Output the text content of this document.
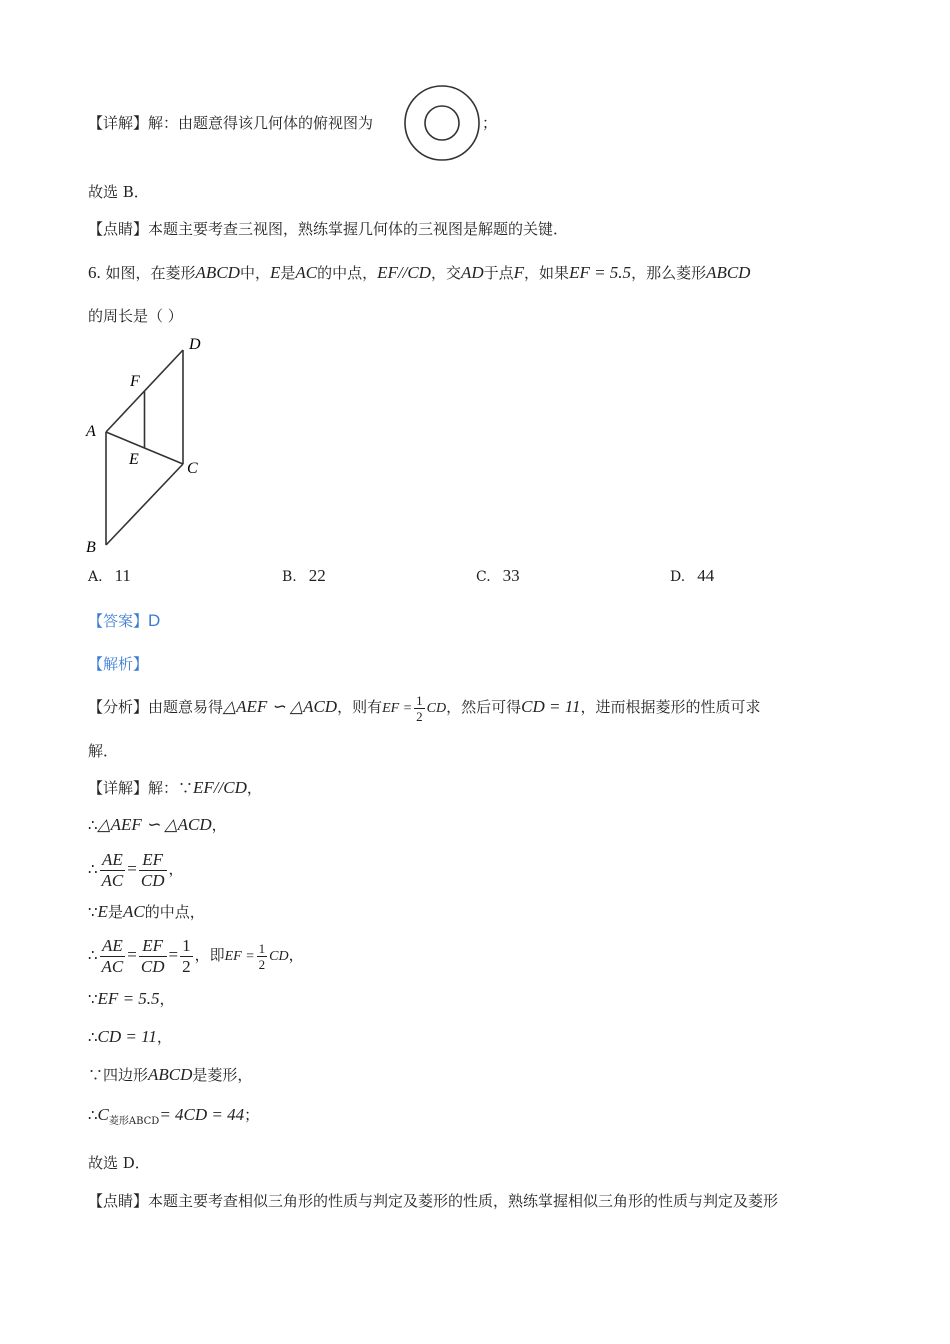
【详解】解：由题意得该几何体的俯视图为	；
故选 B．
【点睛】本题主要考查三视图，熟练掌握几何体的三视图是解题的关键．
6. 如图，在菱形ABCD中，E是AC的中点，EF//CD，交AD于点F，如果EF = 5.5，那么菱形ABCD
的周长是（ ）
A
B
C
D
E
F
A. 11	B. 22	C. 33	D. 44
【答案】D
【解析】
【分析】由题意易得△AEF ∽ △ACD，则有EF = $\frac{1}{2}$ CD，然后可得CD = 11，进而根据菱形的性质可求
解．
【详解】解：∵EF//CD，
∴△AEF ∽ △ACD，
∴ $\frac{AE}{AC} = \frac{EF}{CD}$ ，
∵E是AC的中点，
∴ $\frac{AE}{AC} = \frac{EF}{CD} = \frac{1}{2}$ ，即EF = $\frac{1}{2}$ CD，
∵EF = 5.5，
∴CD = 11，
∵四边形ABCD是菱形，
$\therefore C_{菱形ABCD}= 4CD = 44$；
故选 D．
【点睛】本题主要考查相似三角形的性质与判定及菱形的性质，熟练掌握相似三角形的性质与判定及菱形
